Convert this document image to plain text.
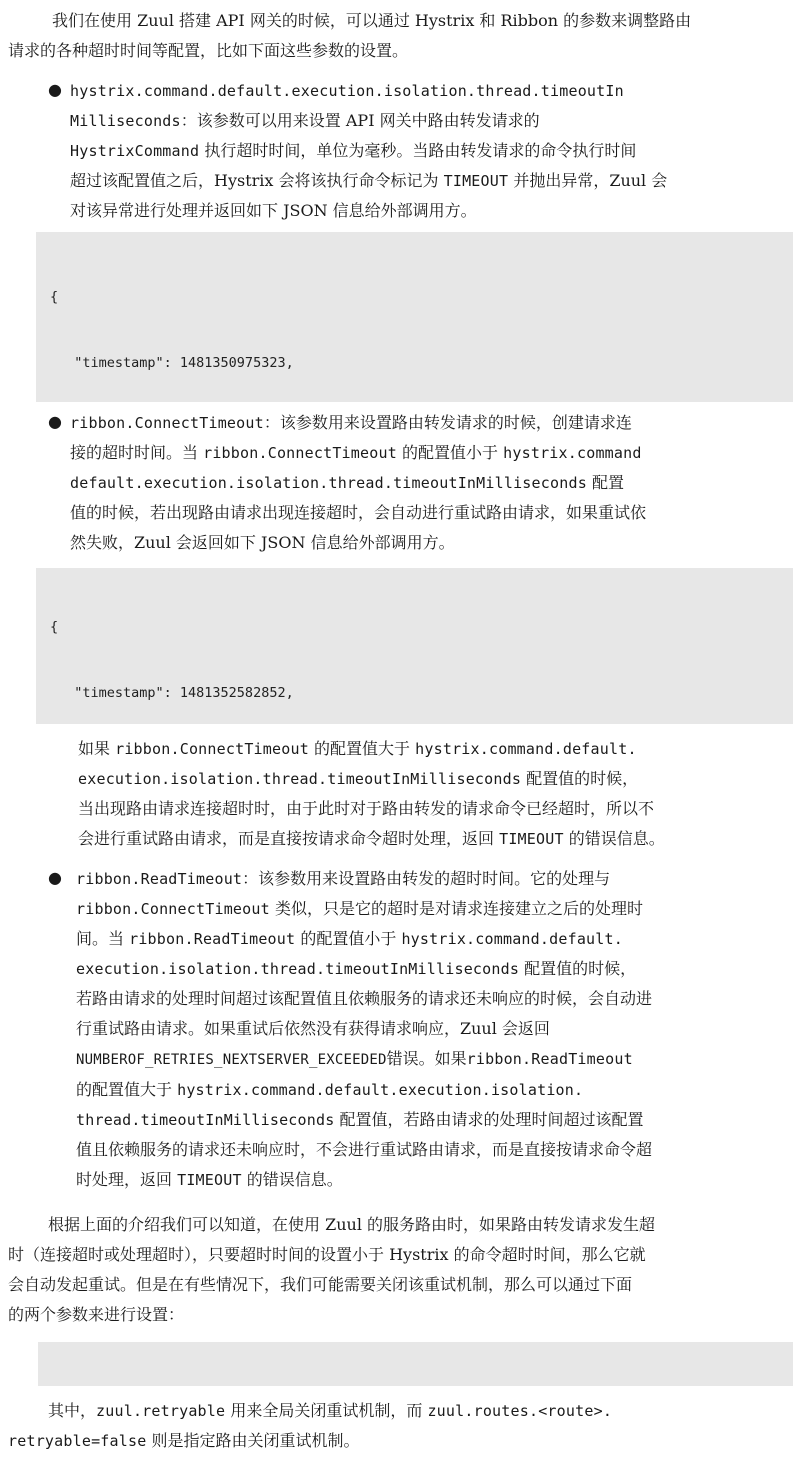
我们在使用 Zuul 搭建 API 网关的时候，可以通过 Hystrix 和 Ribbon 的参数来调整路由
请求的各种超时时间等配置，比如下面这些参数的设置。
● hystrix.command.default.execution.isolation.thread.timeoutIn
Milliseconds：该参数可以用来设置 API 网关中路由转发请求的
HystrixCommand 执行超时时间，单位为毫秒。当路由转发请求的命令执行时间
超过该配置值之后，Hystrix 会将该执行命令标记为 TIMEOUT 并抛出异常，Zuul 会
对该异常进行处理并返回如下 JSON 信息给外部调用方。

{

"timestamp": 1481350975323,

● ribbon.ConnectTimeout：该参数用来设置路由转发请求的时候，创建请求连
接的超时时间。当 ribbon.ConnectTimeout 的配置值小于 hystrix.command
default.execution.isolation.thread.timeoutInMilliseconds 配置
值的时候，若出现路由请求出现连接超时，会自动进行重试路由请求，如果重试依
然失败，Zuul 会返回如下 JSON 信息给外部调用方。

{

"timestamp": 1481352582852,

如果 ribbon.ConnectTimeout 的配置值大于 hystrix.command.default.
execution.isolation.thread.timeoutInMilliseconds 配置值的时候，
当出现路由请求连接超时时，由于此时对于路由转发的请求命令已经超时，所以不
会进行重试路由请求，而是直接按请求命令超时处理，返回 TIMEOUT 的错误信息。
● ribbon.ReadTimeout：该参数用来设置路由转发的超时时间。它的处理与
ribbon.ConnectTimeout 类似，只是它的超时是对请求连接建立之后的处理时
间。当 ribbon.ReadTimeout 的配置值小于 hystrix.command.default.
execution.isolation.thread.timeoutInMilliseconds 配置值的时候，
若路由请求的处理时间超过该配置值且依赖服务的请求还未响应的时候，会自动进
行重试路由请求。如果重试后依然没有获得请求响应，Zuul 会返回
NUMBEROF_RETRIES_NEXTSERVER_EXCEEDED错误。如果ribbon.ReadTimeout
的配置值大于 hystrix.command.default.execution.isolation.
thread.timeoutInMilliseconds 配置值，若路由请求的处理时间超过该配置
值且依赖服务的请求还未响应时，不会进行重试路由请求，而是直接按请求命令超
时处理，返回 TIMEOUT 的错误信息。
根据上面的介绍我们可以知道，在使用 Zuul 的服务路由时，如果路由转发请求发生超
时（连接超时或处理超时），只要超时时间的设置小于 Hystrix 的命令超时时间，那么它就
会自动发起重试。但是在有些情况下，我们可能需要关闭该重试机制，那么可以通过下面
的两个参数来进行设置：

其中，zuul.retryable 用来全局关闭重试机制，而 zuul.routes.<route>.
retryable=false 则是指定路由关闭重试机制。
